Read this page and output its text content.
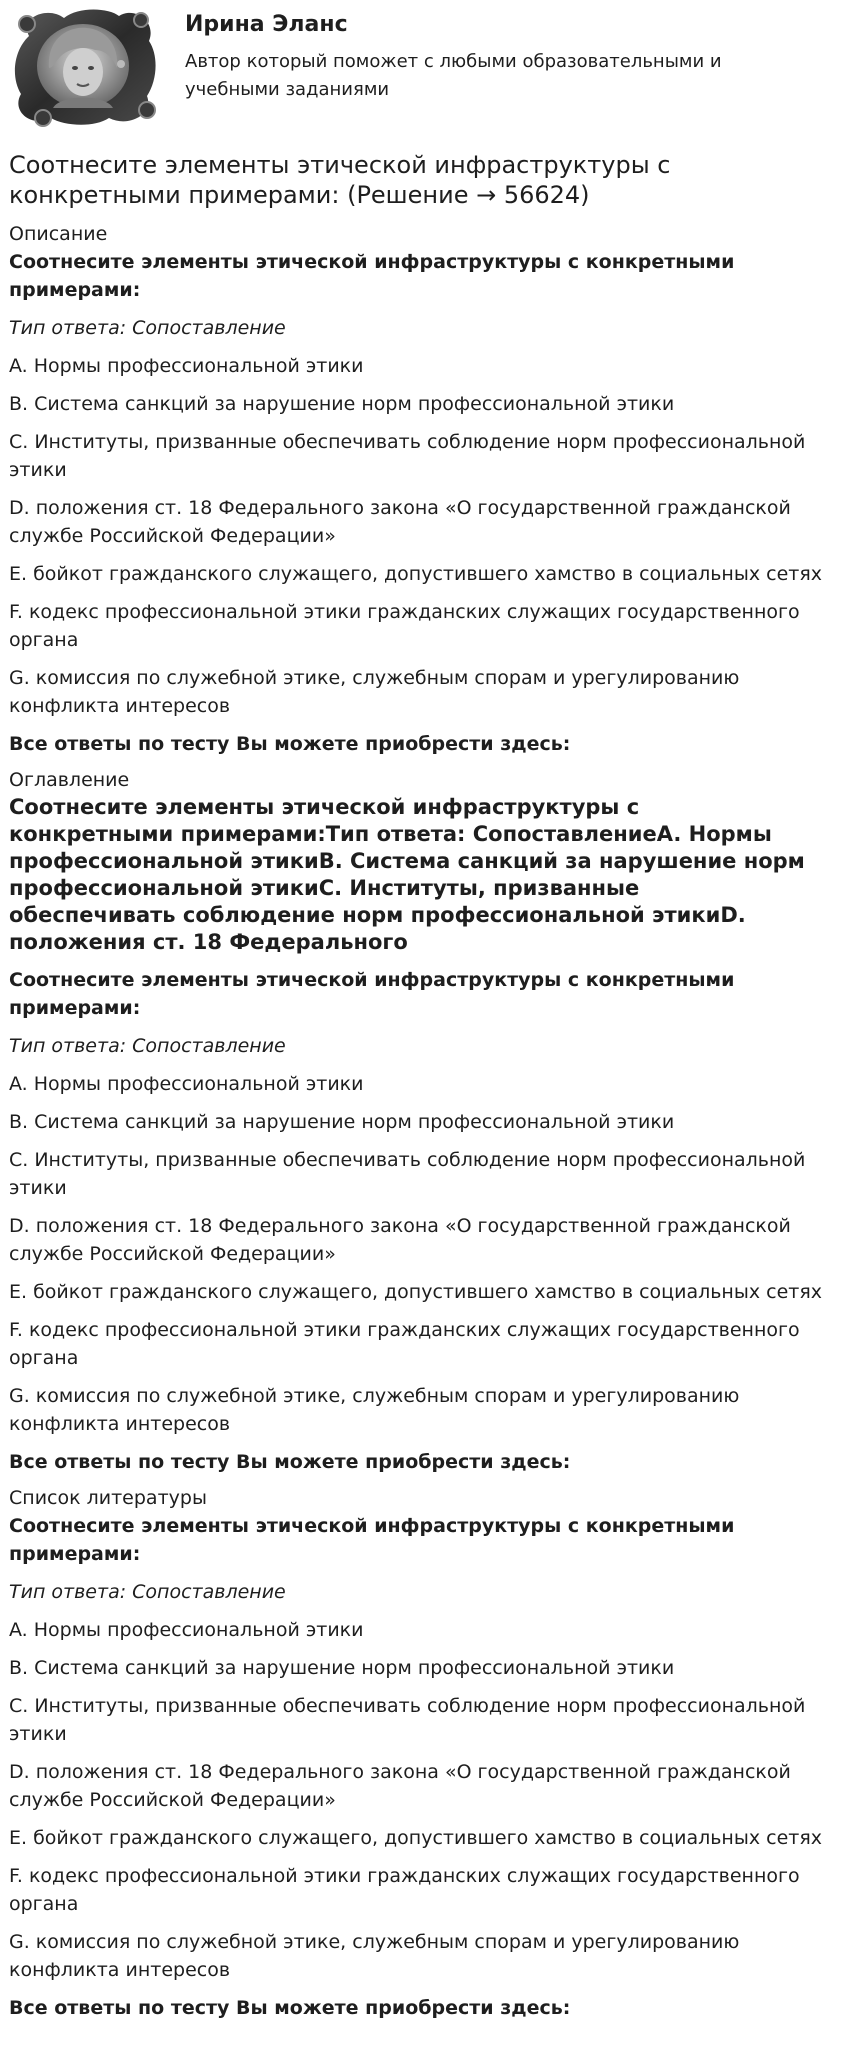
Ирина Эланс

Автор который поможет с любыми образовательными и учебными заданиями

Соотнесите элементы этической инфраструктуры с конкретными примерами: (Решение → 56624)

Описание

Соотнесите элементы этической инфраструктуры с конкретными примерами:

Тип ответа: Сопоставление

A. Нормы профессиональной этики

B. Система санкций за нарушение норм профессиональной этики

C. Институты, призванные обеспечивать соблюдение норм профессиональной этики

D. положения ст. 18 Федерального закона «О государственной гражданской службе Российской Федерации»

E. бойкот гражданского служащего, допустившего хамство в социальных сетях

F. кодекс профессиональной этики гражданских служащих государственного органа

G. комиссия по служебной этике, служебным спорам и урегулированию конфликта интересов

Все ответы по тесту Вы можете приобрести здесь:

Оглавление

Соотнесите элементы этической инфраструктуры с конкретными примерами:Тип ответа: СопоставлениеA. Нормы профессиональной этикиB. Система санкций за нарушение норм профессиональной этикиC. Институты, призванные обеспечивать соблюдение норм профессиональной этикиD. положения ст. 18 Федерального

Соотнесите элементы этической инфраструктуры с конкретными примерами:

Тип ответа: Сопоставление

A. Нормы профессиональной этики

B. Система санкций за нарушение норм профессиональной этики

C. Институты, призванные обеспечивать соблюдение норм профессиональной этики

D. положения ст. 18 Федерального закона «О государственной гражданской службе Российской Федерации»

E. бойкот гражданского служащего, допустившего хамство в социальных сетях

F. кодекс профессиональной этики гражданских служащих государственного органа

G. комиссия по служебной этике, служебным спорам и урегулированию конфликта интересов

Все ответы по тесту Вы можете приобрести здесь:

Список литературы

Соотнесите элементы этической инфраструктуры с конкретными примерами:

Тип ответа: Сопоставление

A. Нормы профессиональной этики

B. Система санкций за нарушение норм профессиональной этики

C. Институты, призванные обеспечивать соблюдение норм профессиональной этики

D. положения ст. 18 Федерального закона «О государственной гражданской службе Российской Федерации»

E. бойкот гражданского служащего, допустившего хамство в социальных сетях

F. кодекс профессиональной этики гражданских служащих государственного органа

G. комиссия по служебной этике, служебным спорам и урегулированию конфликта интересов

Все ответы по тесту Вы можете приобрести здесь:
